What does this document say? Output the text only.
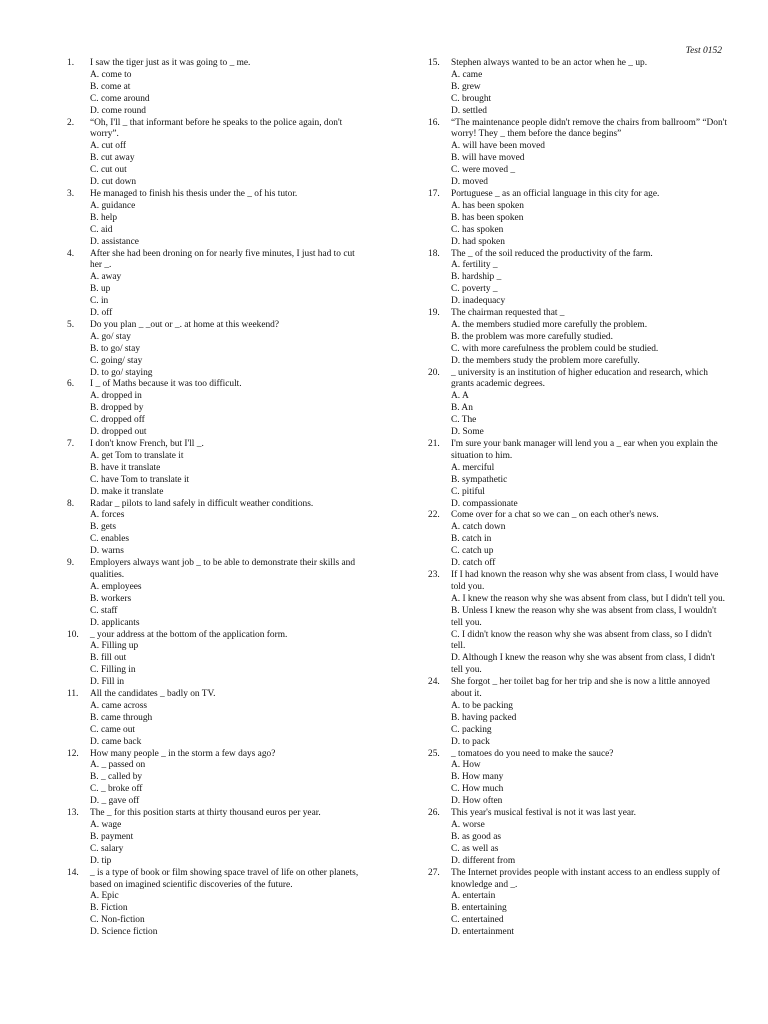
Test 0152
1.	I saw the tiger just as it was going to _ me.
A. come to
B. come at
C. come around
D. come round
2.	“Oh, I'll _ that informant before he speaks to the police again, don't worry”.
A. cut off
B. cut away
C. cut out
D. cut down
3.	He managed to finish his thesis under the _ of his tutor.
A. guidance
B. help
C. aid
D. assistance
4.	After she had been droning on for nearly five minutes, I just had to cut her _.
A. away
B. up
C. in
D. off
5.	Do you plan _ _out or _. at home at this weekend?
A. go/ stay
B. to go/ stay
C. going/ stay
D. to go/ staying
6.	I _ of Maths because it was too difficult.
A. dropped in
B. dropped by
C. dropped off
D. dropped out
7.	I don't know French, but I'll _.
A. get Tom to translate it
B. have it translate
C. have Tom to translate it
D. make it translate
8.	Radar _ pilots to land safely in difficult weather conditions.
A. forces
B. gets
C. enables
D. warns
9.	Employers always want job _ to be able to demonstrate their skills and qualities.
A. employees
B. workers
C. staff
D. applicants
10.	_ your address at the bottom of the application form.
A. Filling up
B. fill out
C. Filling in
D. Fill in
11.	All the candidates _ badly on TV.
A. came across
B. came through
C. came out
D. came back
12.	How many people _ in the storm a few days ago?
A. _ passed on
B. _ called by
C. _ broke off
D. _ gave off
13.	The _ for this position starts at thirty thousand euros per year.
A. wage
B. payment
C. salary
D. tip
14.	_ is a type of book or film showing space travel of life on other planets, based on imagined scientific discoveries of the future.
A. Epic
B. Fiction
C. Non-fiction
D. Science fiction
15.	Stephen always wanted to be an actor when he _ up.
A. came
B. grew
C. brought
D. settled
16.	“The maintenance people didn't remove the chairs from ballroom” “Don't worry! They _ them before the dance begins”
A. will have been moved
B. will have moved
C. were moved _
D. moved
17.	Portuguese _ as an official language in this city for age.
A. has been spoken
B. has been spoken
C. has spoken
D. had spoken
18.	The _ of the soil reduced the productivity of the farm.
A. fertility _
B. hardship _
C. poverty _
D. inadequacy
19.	The chairman requested that _
A. the members studied more carefully the problem.
B. the problem was more carefully studied.
C. with more carefulness the problem could be studied.
D. the members study the problem more carefully.
20.	_ university is an institution of higher education and research, which grants academic degrees.
A. A
B. An
C. The
D. Some
21.	I'm sure your bank manager will lend you a _ ear when you explain the situation to him.
A. merciful
B. sympathetic
C. pitiful
D. compassionate
22.	Come over for a chat so we can _ on each other's news.
A. catch down
B. catch in
C. catch up
D. catch off
23.	If I had known the reason why she was absent from class, I would have told you.
A. I knew the reason why she was absent from class, but I didn't tell you.
B. Unless I knew the reason why she was absent from class, I wouldn't tell you.
C. I didn't know the reason why she was absent from class, so I didn't tell.
D. Although I knew the reason why she was absent from class, I didn't tell you.
24.	She forgot _ her toilet bag for her trip and she is now a little annoyed about it.
A. to be packing
B. having packed
C. packing
D. to pack
25.	_ tomatoes do you need to make the sauce?
A. How
B. How many
C. How much
D. How often
26.	This year's musical festival is not it was last year.
A. worse
B. as good as
C. as well as
D. different from
27.	The Internet provides people with instant access to an endless supply of knowledge and _.
A. entertain
B. entertaining
C. entertained
D. entertainment
